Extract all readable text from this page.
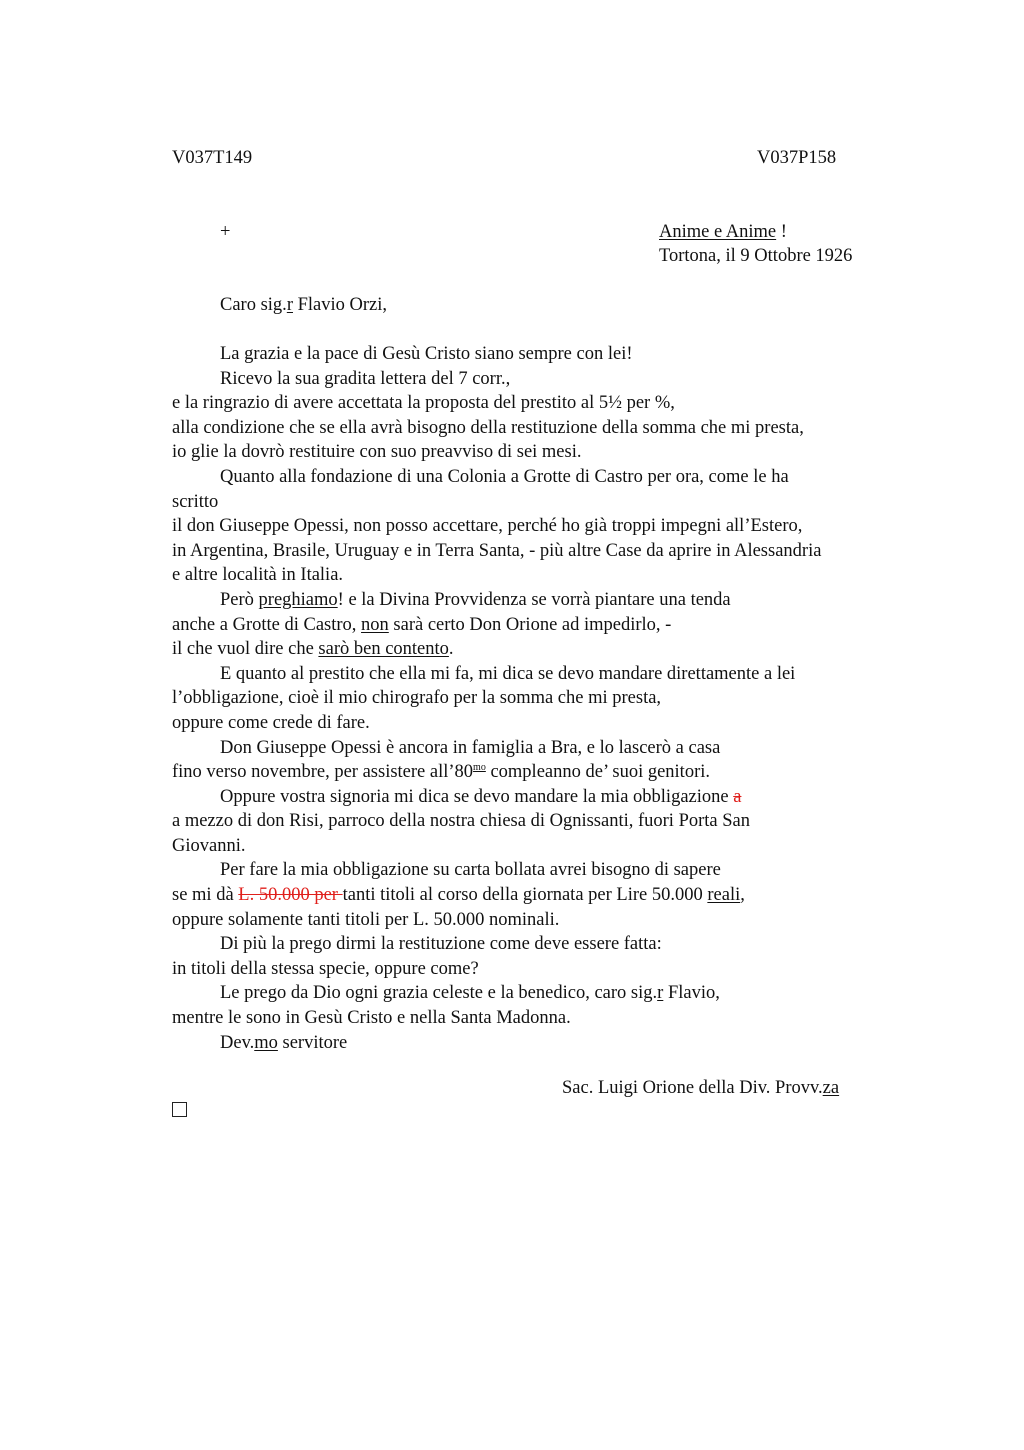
V037T149	V037P158
+	Anime e Anime !
Tortona, il 9 Ottobre 1926
Caro sig.r Flavio Orzi,
La grazia e la pace di Gesù Cristo siano sempre con lei!
Ricevo la sua gradita lettera del 7 corr.,
e la ringrazio di avere accettata la proposta del prestito al 5½ per %,
alla condizione che se ella avrà bisogno della restituzione della somma che mi presta,
io glie la dovrò restituire con suo preavviso di sei mesi.
Quanto alla fondazione di una Colonia a Grotte di Castro per ora, come le ha
scritto
il don Giuseppe Opessi, non posso accettare, perché ho già troppi impegni all’Estero,
in Argentina, Brasile, Uruguay e in Terra Santa, - più altre Case da aprire in Alessandria
e altre località in Italia.
Però preghiamo! e la Divina Provvidenza se vorrà piantare una tenda
anche a Grotte di Castro, non sarà certo Don Orione ad impedirlo, -
il che vuol dire che sarò ben contento.
E quanto al prestito che ella mi fa, mi dica se devo mandare direttamente a lei
l’obbligazione, cioè il mio chirografo per la somma che mi presta,
oppure come crede di fare.
Don Giuseppe Opessi è ancora in famiglia a Bra, e lo lascerò a casa
fino verso novembre, per assistere $all’80^{mo}$ compleanno de’ suoi genitori.
Oppure vostra signoria mi dica se devo mandare la mia obbligazione a
a mezzo di don Risi, parroco della nostra chiesa di Ognissanti, fuori Porta San
Giovanni.
Per fare la mia obbligazione su carta bollata avrei bisogno di sapere
se mi dà L. 50.000 per tanti titoli al corso della giornata per Lire 50.000 reali,
oppure solamente tanti titoli per L. 50.000 nominali.
Di più la prego dirmi la restituzione come deve essere fatta:
in titoli della stessa specie, oppure come?
Le prego da Dio ogni grazia celeste e la benedico, caro sig.r Flavio,
mentre le sono in Gesù Cristo e nella Santa Madonna.
Dev.mo servitore
Sac. Luigi Orione della Div. Provv.za
